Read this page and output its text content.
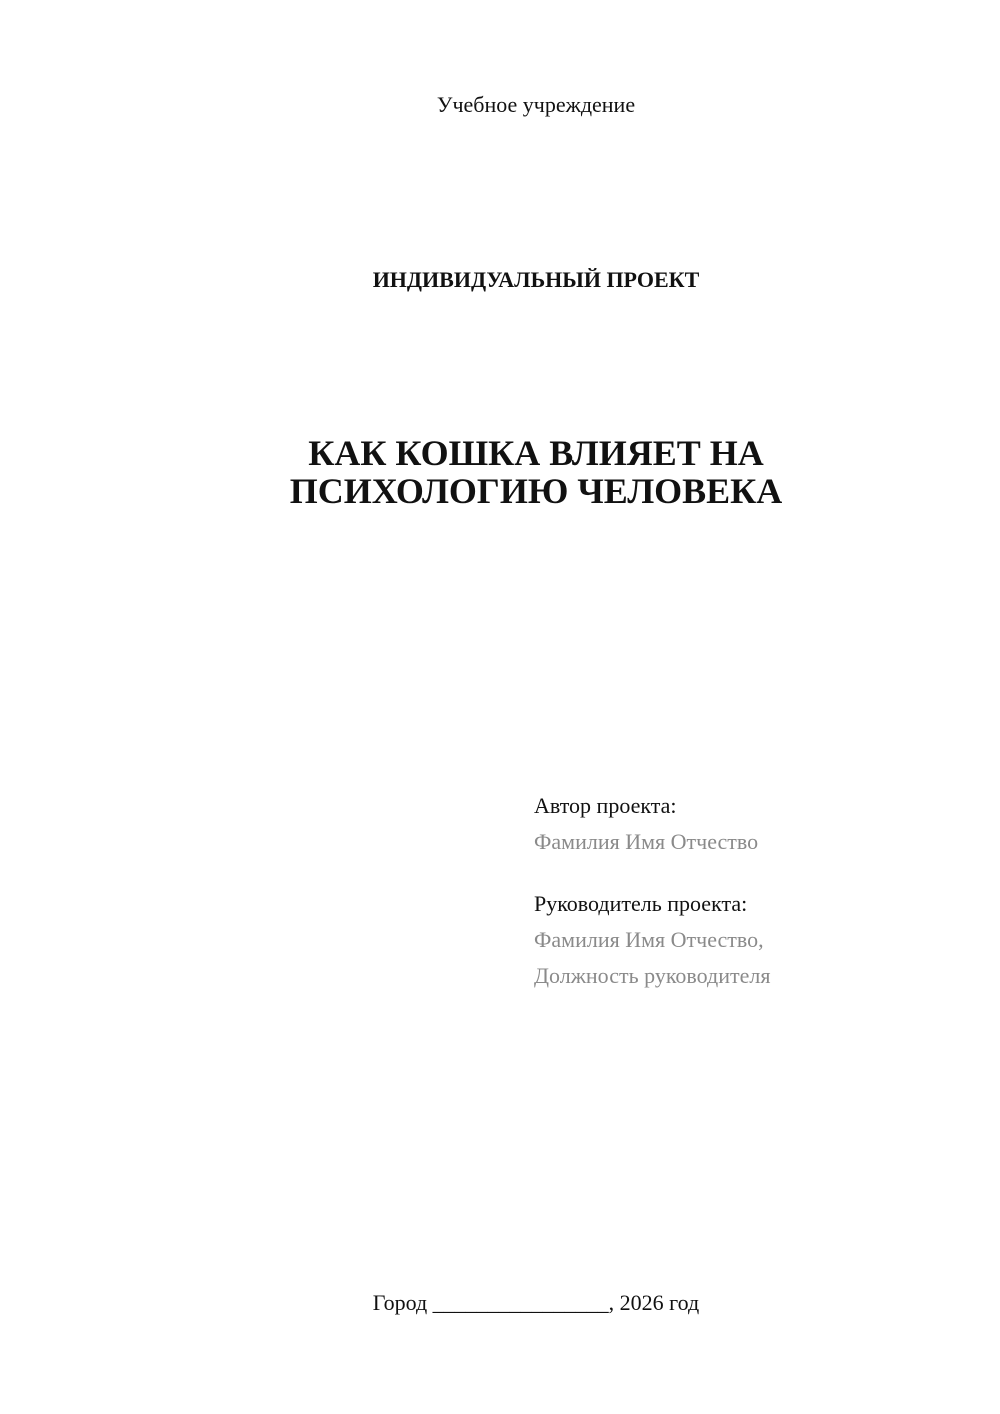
Учебное учреждение
ИНДИВИДУАЛЬНЫЙ ПРОЕКТ
КАК КОШКА ВЛИЯЕТ НА
ПСИХОЛОГИЮ ЧЕЛОВЕКА
Автор проекта:
Фамилия Имя Отчество
Руководитель проекта:
Фамилия Имя Отчество,
Должность руководителя
Город ________________, 2026 год
